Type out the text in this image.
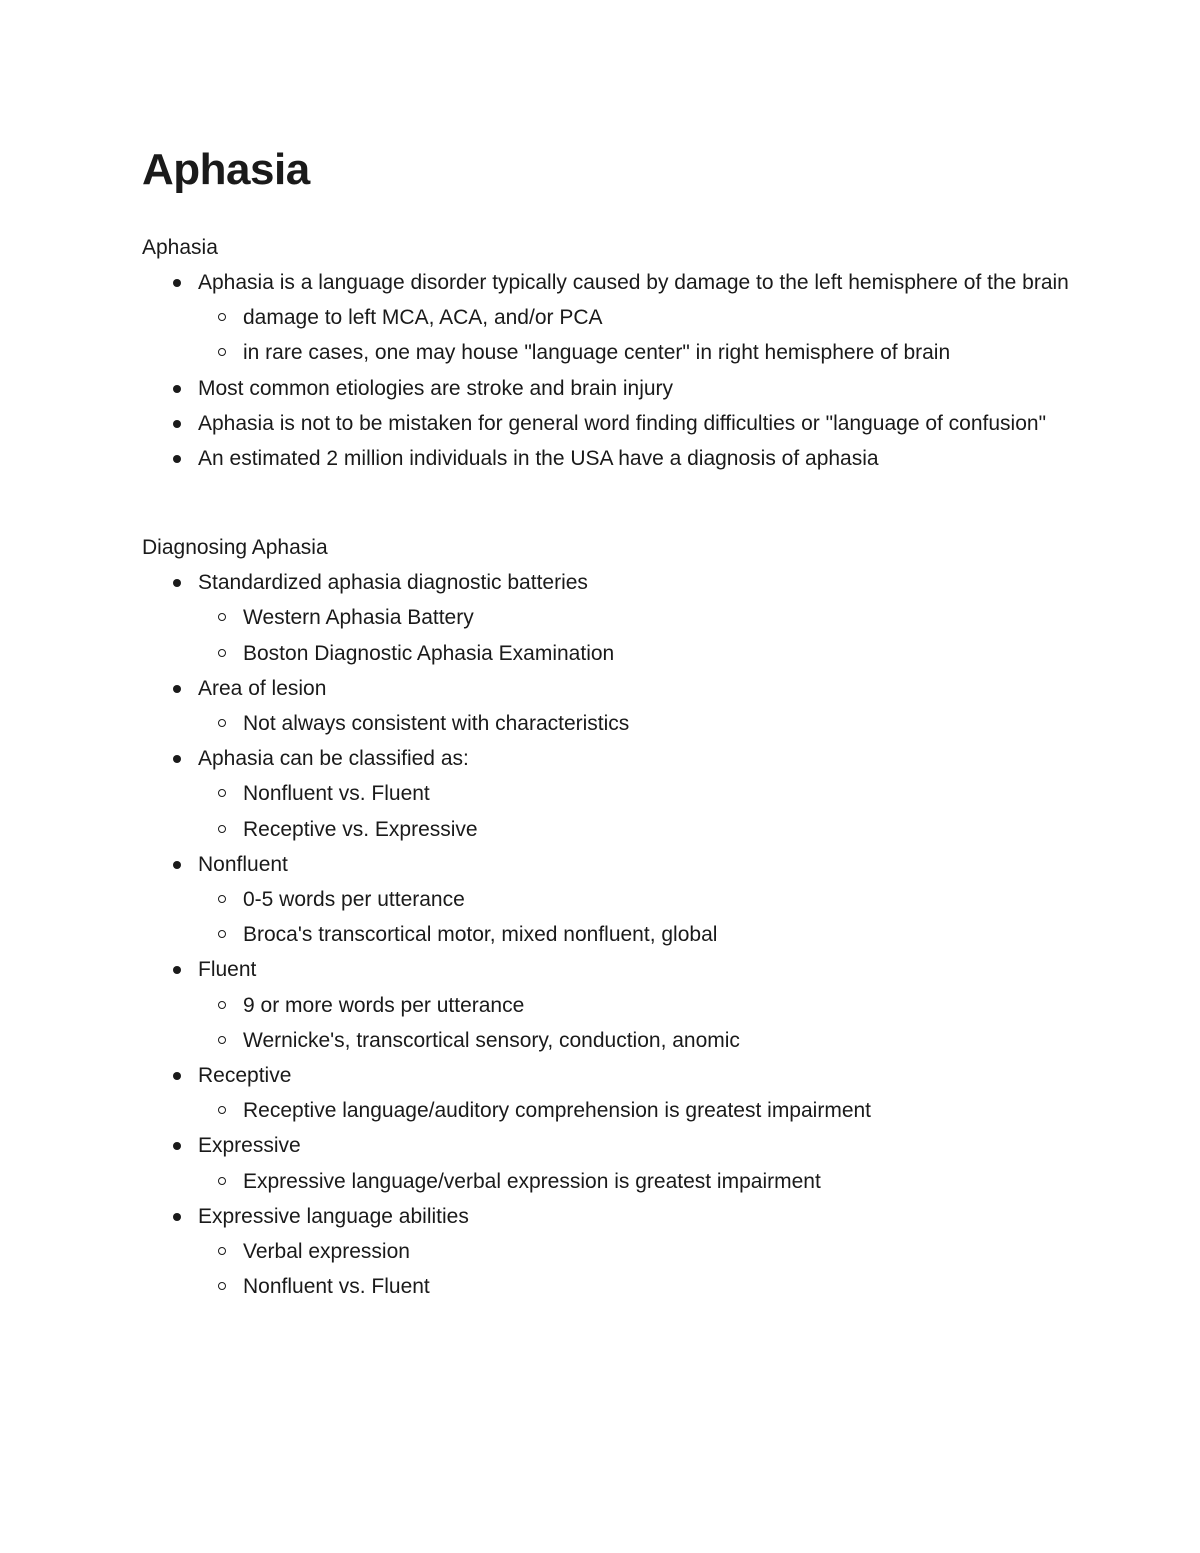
Aphasia

Aphasia

Aphasia is a language disorder typically caused by damage to the left hemisphere of the brain
damage to left MCA, ACA, and/or PCA
in rare cases, one may house "language center" in right hemisphere of brain
Most common etiologies are stroke and brain injury
Aphasia is not to be mistaken for general word finding difficulties or "language of confusion"
An estimated 2 million individuals in the USA have a diagnosis of aphasia

Diagnosing Aphasia

Standardized aphasia diagnostic batteries
Western Aphasia Battery
Boston Diagnostic Aphasia Examination
Area of lesion
Not always consistent with characteristics
Aphasia can be classified as:
Nonfluent vs. Fluent
Receptive vs. Expressive
Nonfluent
0-5 words per utterance
Broca's transcortical motor, mixed nonfluent, global
Fluent
9 or more words per utterance
Wernicke's, transcortical sensory, conduction, anomic
Receptive
Receptive language/auditory comprehension is greatest impairment
Expressive
Expressive language/verbal expression is greatest impairment
Expressive language abilities
Verbal expression
Nonfluent vs. Fluent
